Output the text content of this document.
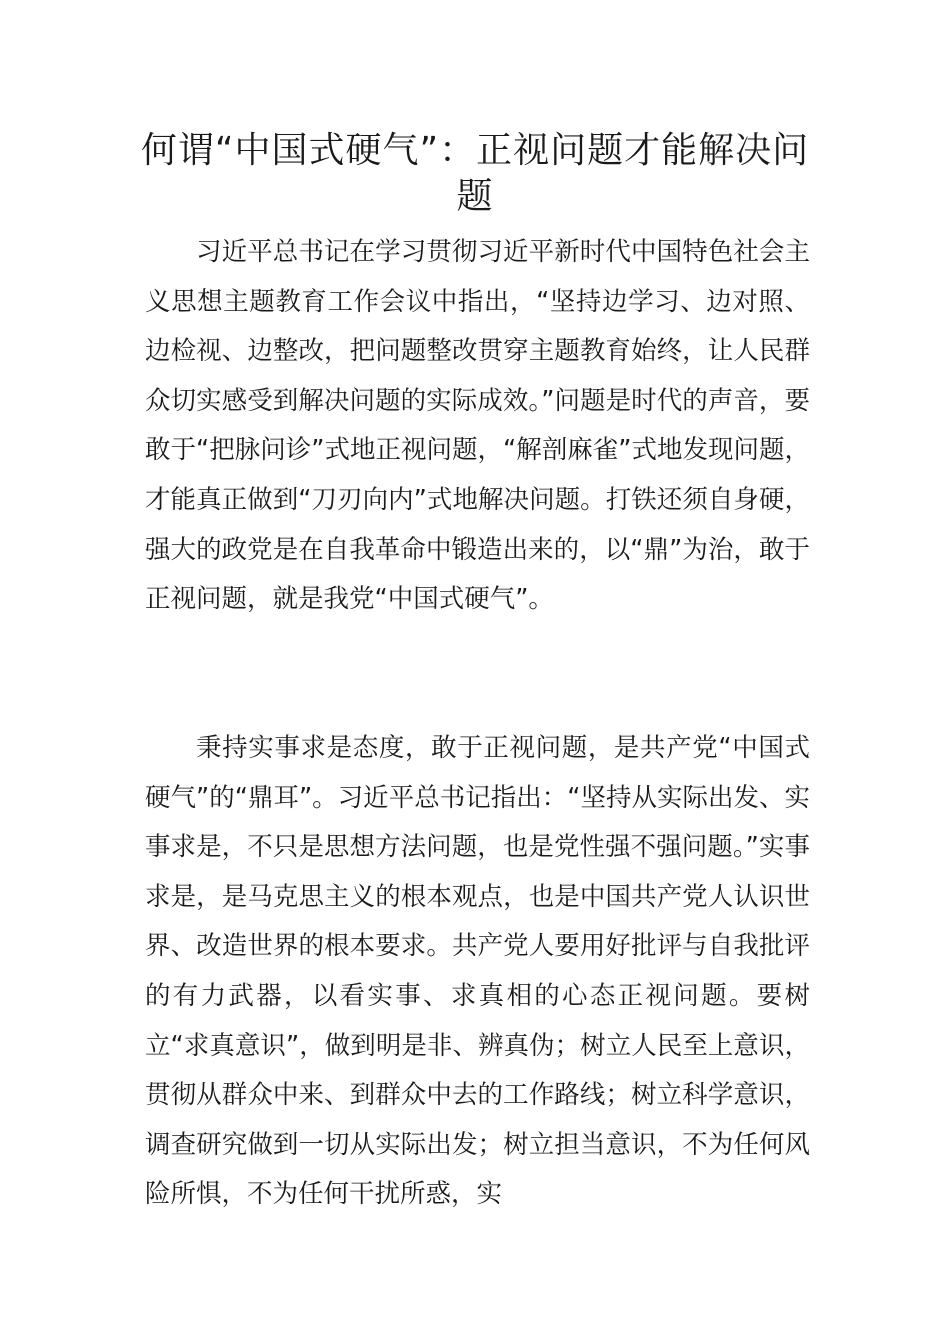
何谓“中国式硬气”：正视问题才能解决问题

习近平总书记在学习贯彻习近平新时代中国特色社会主义思想主题教育工作会议中指出，“坚持边学习、边对照、边检视、边整改，把问题整改贯穿主题教育始终，让人民群众切实感受到解决问题的实际成效。”问题是时代的声音，要敢于“把脉问诊”式地正视问题，“解剖麻雀”式地发现问题，才能真正做到“刀刃向内”式地解决问题。打铁还须自身硬，强大的政党是在自我革命中锻造出来的，以“鼎”为治，敢于正视问题，就是我党“中国式硬气”。

秉持实事求是态度，敢于正视问题，是共产党“中国式硬气”的“鼎耳”。习近平总书记指出：“坚持从实际出发、实事求是，不只是思想方法问题，也是党性强不强问题。”实事求是，是马克思主义的根本观点，也是中国共产党人认识世界、改造世界的根本要求。共产党人要用好批评与自我批评的有力武器，以看实事、求真相的心态正视问题。要树立“求真意识”，做到明是非、辨真伪；树立人民至上意识，贯彻从群众中来、到群众中去的工作路线；树立科学意识，调查研究做到一切从实际出发；树立担当意识，不为任何风险所惧，不为任何干扰所惑，实
